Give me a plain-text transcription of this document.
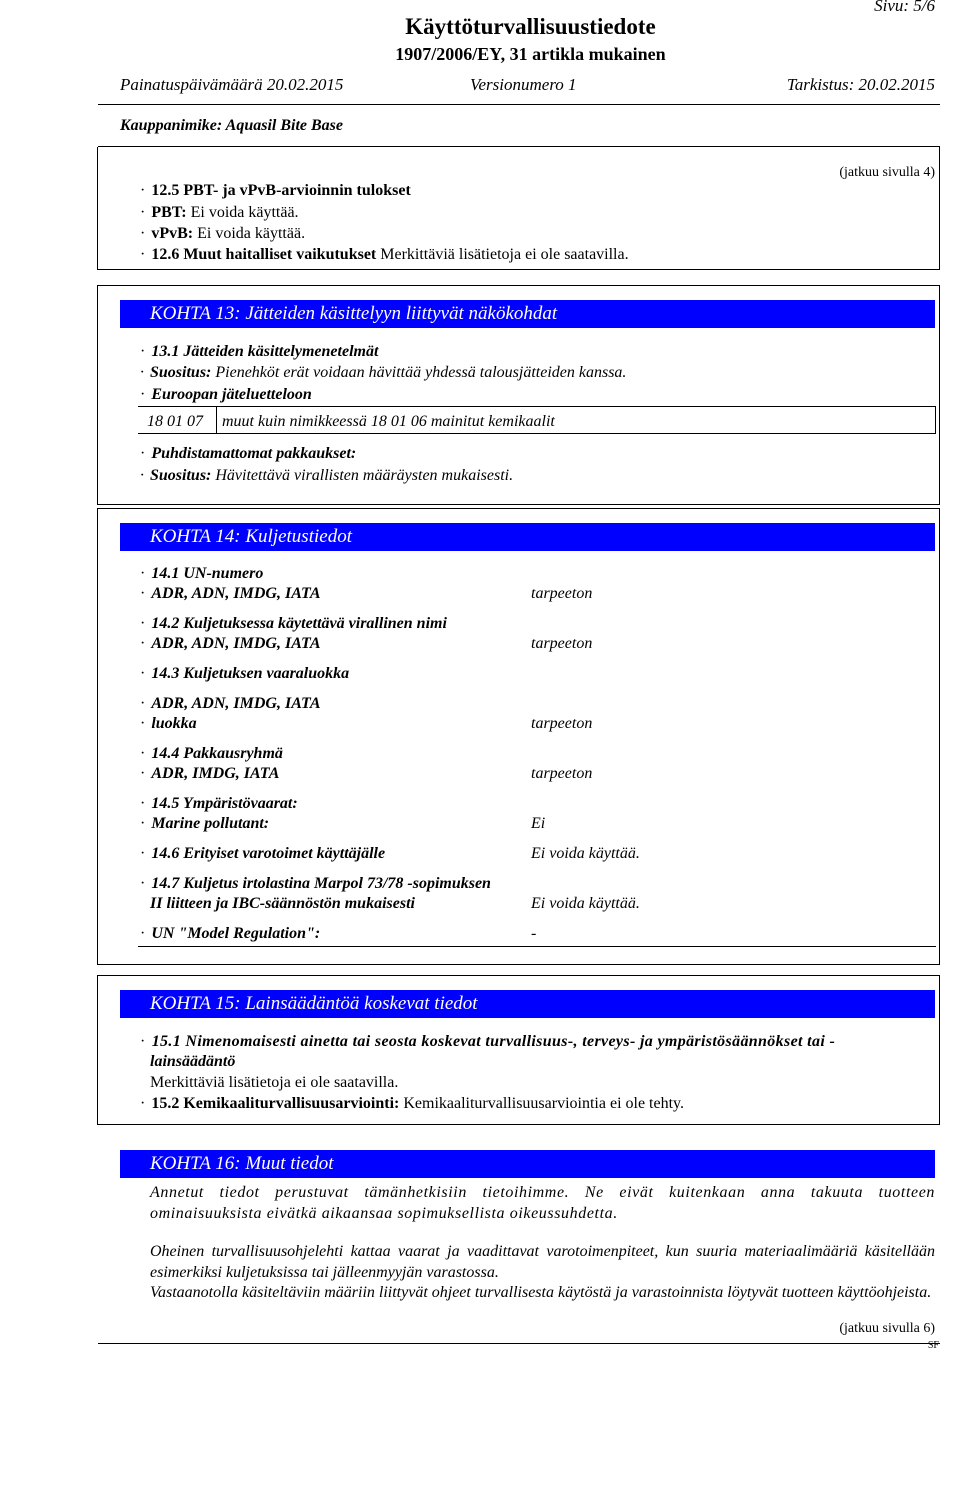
Sivu: 5/6
Käyttöturvallisuustiedote
1907/2006/EY, 31 artikla mukainen
Painatuspäivämäärä 20.02.2015	Versionumero 1	Tarkistus: 20.02.2015
Kauppanimike: Aquasil Bite Base
(jatkuu sivulla 4)
· 12.5 PBT- ja vPvB-arvioinnin tulokset
· PBT: Ei voida käyttää.
· vPvB: Ei voida käyttää.
· 12.6 Muut haitalliset vaikutukset Merkittäviä lisätietoja ei ole saatavilla.
KOHTA 13: Jätteiden käsittelyyn liittyvät näkökohdat
· 13.1 Jätteiden käsittelymenetelmät
· Suositus: Pienehköt erät voidaan hävittää yhdessä talousjätteiden kanssa.
· Euroopan jäteluetteloon
18 01 07 muut kuin nimikkeessä 18 01 06 mainitut kemikaalit
· Puhdistamattomat pakkaukset:
· Suositus: Hävitettävä virallisten määräysten mukaisesti.
KOHTA 14: Kuljetustiedot
· 14.1 UN-numero
· ADR, ADN, IMDG, IATA	tarpeeton
· 14.2 Kuljetuksessa käytettävä virallinen nimi
· ADR, ADN, IMDG, IATA	tarpeeton
· 14.3 Kuljetuksen vaaraluokka
· ADR, ADN, IMDG, IATA
· luokka	tarpeeton
· 14.4 Pakkausryhmä
· ADR, IMDG, IATA	tarpeeton
· 14.5 Ympäristövaarat:
· Marine pollutant:	Ei
· 14.6 Erityiset varotoimet käyttäjälle	Ei voida käyttää.
· 14.7 Kuljetus irtolastina Marpol 73/78 -sopimuksen
II liitteen ja IBC-säännöstön mukaisesti	Ei voida käyttää.
· UN "Model Regulation":	-
KOHTA 15: Lainsäädäntöä koskevat tiedot
· 15.1 Nimenomaisesti ainetta tai seosta koskevat turvallisuus-, terveys- ja ympäristösäännökset tai -
lainsäädäntö
Merkittäviä lisätietoja ei ole saatavilla.
· 15.2 Kemikaaliturvallisuusarviointi: Kemikaaliturvallisuusarviointia ei ole tehty.
KOHTA 16: Muut tiedot
Annetut tiedot perustuvat tämänhetkisiin tietoihimme. Ne eivät kuitenkaan anna takuuta tuotteen ominaisuuksista eivätkä aikaansaa sopimuksellista oikeussuhdetta.
Oheinen turvallisuusohjelehti kattaa vaarat ja vaadittavat varotoimenpiteet, kun suuria materiaalimääriä käsitellään esimerkiksi kuljetuksissa tai jälleenmyyjän varastossa.
Vastaanotolla käsiteltäviin määriin liittyvät ohjeet turvallisesta käytöstä ja varastoinnista löytyvät tuotteen käyttöohjeista.
(jatkuu sivulla 6)
SF
